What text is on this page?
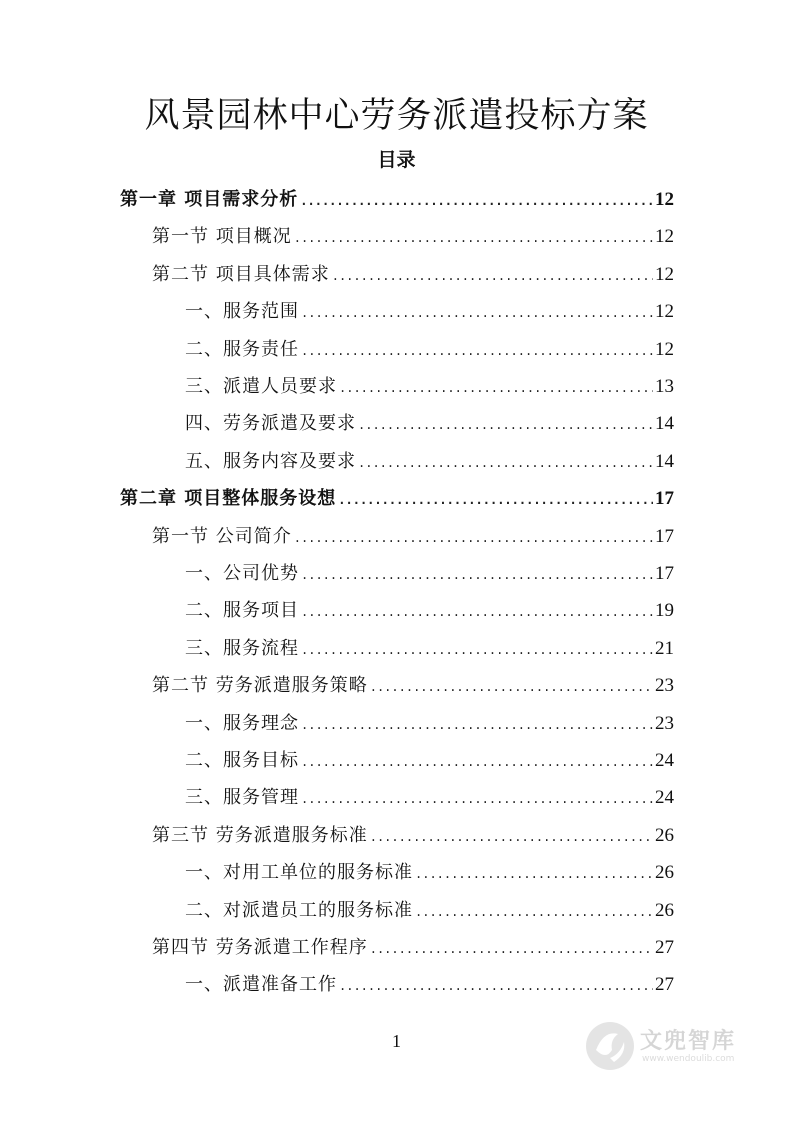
风景园林中心劳务派遣投标方案
目录
第一章 项目需求分析 .....	12
第一节 项目概况 .....	12
第二节 项目具体需求 .....	12
一、服务范围 .....	12
二、服务责任 .....	12
三、派遣人员要求 .....	13
四、劳务派遣及要求 .....	14
五、服务内容及要求 .....	14
第二章 项目整体服务设想 .....	17
第一节 公司简介 .....	17
一、公司优势 .....	17
二、服务项目 .....	19
三、服务流程 .....	21
第二节 劳务派遣服务策略 .....	23
一、服务理念 .....	23
二、服务目标 .....	24
三、服务管理 .....	24
第三节 劳务派遣服务标准 .....	26
一、对用工单位的服务标准 .....	26
二、对派遣员工的服务标准 .....	26
第四节 劳务派遣工作程序 .....	27
一、派遣准备工作 .....	27
1	文兜智库
www.wendoulib.com
